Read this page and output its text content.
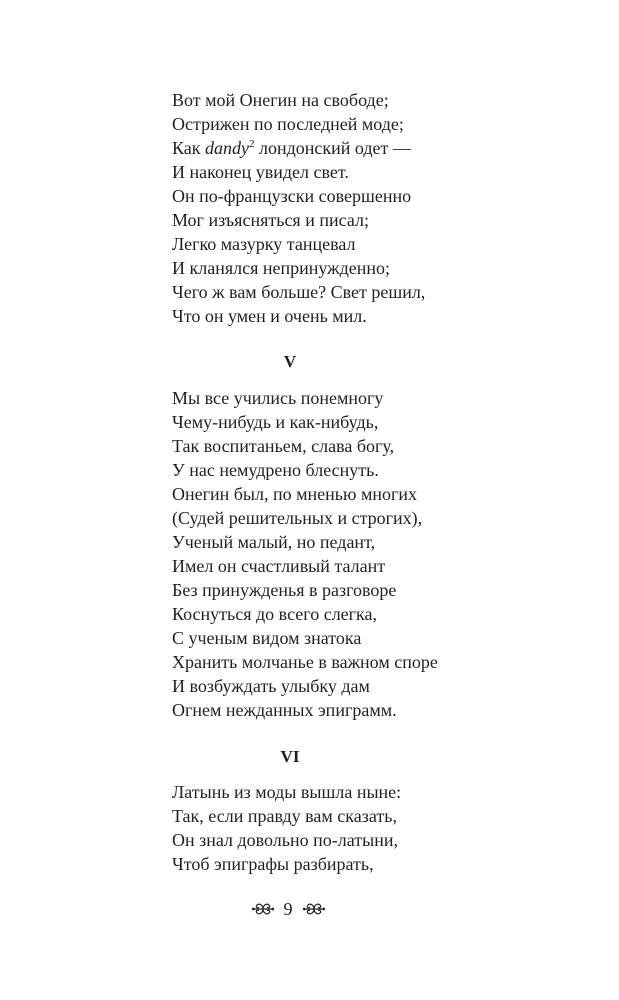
Вот мой Онегин на свободе;
Острижен по последней моде;
Как dandy$^2$ лондонский одет —
И наконец увидел свет.
Он по-французски совершенно
Мог изъясняться и писал;
Легко мазурку танцевал
И кланялся непринужденно;
Чего ж вам больше? Свет решил,
Что он умен и очень мил.
V
Мы все учились понемногу
Чему-нибудь и как-нибудь,
Так воспитаньем, слава богу,
У нас немудрено блеснуть.
Онегин был, по мненью многих
(Судей решительных и строгих),
Ученый малый, но педант,
Имел он счастливый талант
Без принужденья в разговоре
Коснуться до всего слегка,
С ученым видом знатока
Хранить молчанье в важном споре
И возбуждать улыбку дам
Огнем нежданных эпиграмм.
VI
Латынь из моды вышла ныне:
Так, если правду вам сказать,
Он знал довольно по-латыни,
Чтоб эпиграфы разбирать,
9
